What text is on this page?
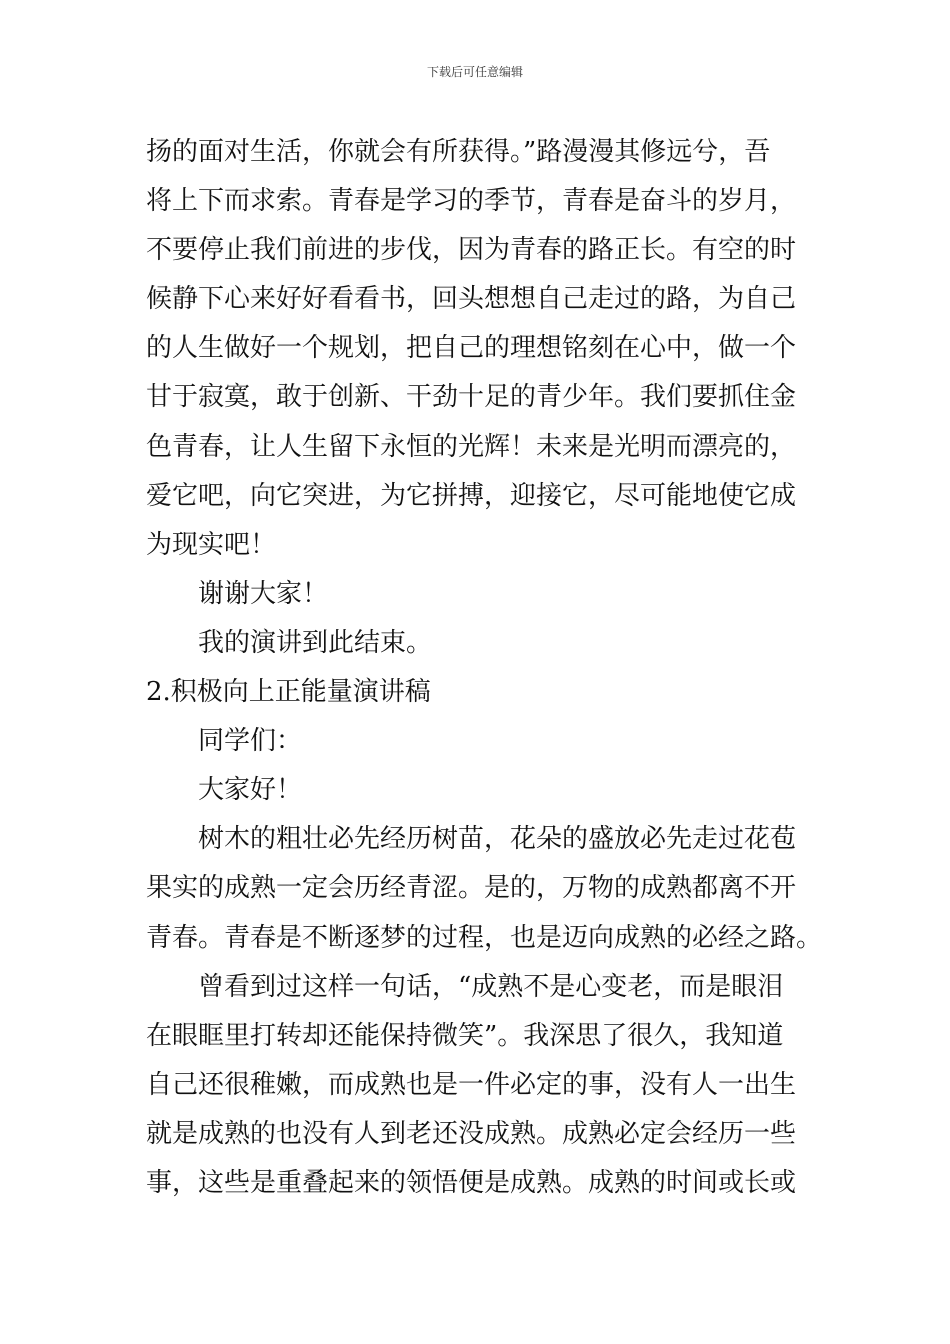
下载后可任意编辑
扬的面对生活，你就会有所获得。”路漫漫其修远兮，吾
将上下而求索。青春是学习的季节，青春是奋斗的岁月，
不要停止我们前进的步伐，因为青春的路正长。有空的时
候静下心来好好看看书，回头想想自己走过的路，为自己
的人生做好一个规划，把自己的理想铭刻在心中，做一个
甘于寂寞，敢于创新、干劲十足的青少年。我们要抓住金
色青春，让人生留下永恒的光辉！未来是光明而漂亮的，
爱它吧，向它突进，为它拼搏，迎接它，尽可能地使它成
为现实吧！
谢谢大家！
我的演讲到此结束。
2.积极向上正能量演讲稿
同学们：
大家好！
树木的粗壮必先经历树苗，花朵的盛放必先走过花苞
果实的成熟一定会历经青涩。是的，万物的成熟都离不开
青春。青春是不断逐梦的过程，也是迈向成熟的必经之路。
曾看到过这样一句话，“成熟不是心变老，而是眼泪
在眼眶里打转却还能保持微笑”。我深思了很久，我知道
自己还很稚嫩，而成熟也是一件必定的事，没有人一出生
就是成熟的也没有人到老还没成熟。成熟必定会经历一些
事，这些是重叠起来的领悟便是成熟。成熟的时间或长或
